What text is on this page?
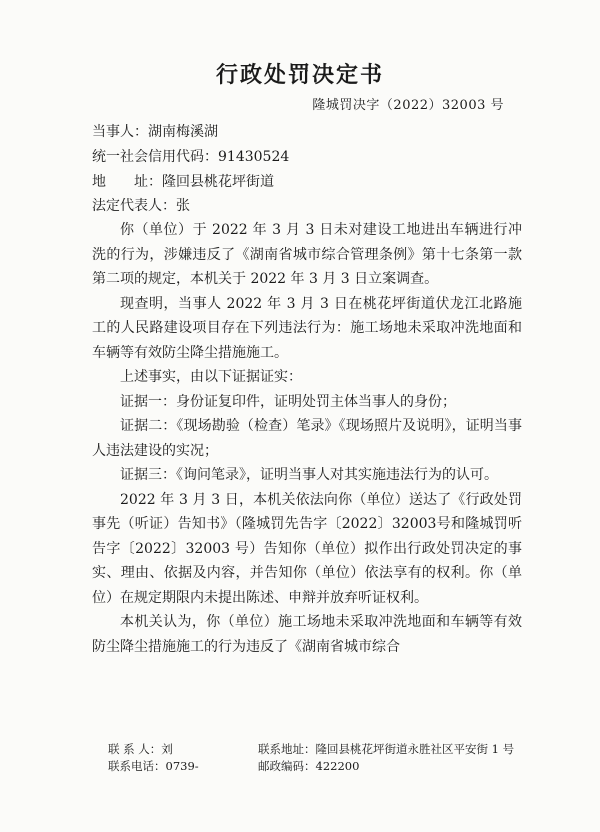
行政处罚决定书
隆城罚决字（2022）32003 号
当事人：湖南梅溪湖
统一社会信用代码：91430524
地　　址：隆回县桃花坪街道
法定代表人：张

你（单位）于 2022 年 3 月 3 日未对建设工地进出车辆进行冲洗的行为，涉嫌违反了《湖南省城市综合管理条例》第十七条第一款第二项的规定，本机关于 2022 年 3 月 3 日立案调查。

现查明，当事人 2022 年 3 月 3 日在桃花坪街道伏龙江北路施工的人民路建设项目存在下列违法行为：施工场地未采取冲洗地面和车辆等有效防尘降尘措施施工。

上述事实，由以下证据证实：

证据一：身份证复印件，证明处罚主体当事人的身份；

证据二：《现场勘验（检查）笔录》《现场照片及说明》，证明当事人违法建设的实况；

证据三：《询问笔录》，证明当事人对其实施违法行为的认可。

2022 年 3 月 3 日，本机关依法向你（单位）送达了《行政处罚事先（听证）告知书》（隆城罚先告字〔2022〕32003号和隆城罚听告字〔2022〕32003 号）告知你（单位）拟作出行政处罚决定的事实、理由、依据及内容，并告知你（单位）依法享有的权利。你（单位）在规定期限内未提出陈述、申辩并放弃听证权利。

本机关认为，你（单位）施工场地未采取冲洗地面和车辆等有效防尘降尘措施施工的行为违反了《湖南省城市综合

联 系 人：刘
联系电话：0739-
联系地址：隆回县桃花坪街道永胜社区平安街 1 号
邮政编码：422200
